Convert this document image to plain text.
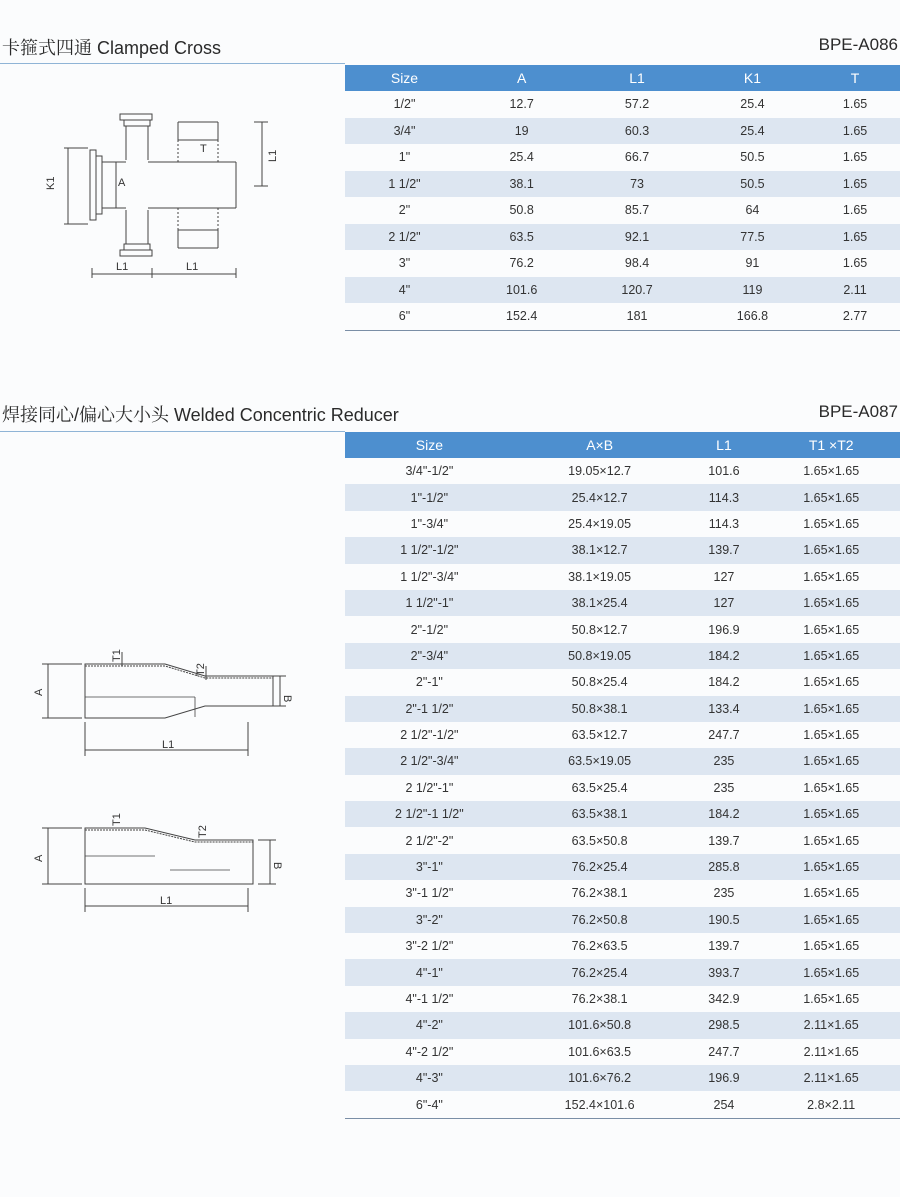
卡箍式四通 Clamped Cross	BPE-A086
K1	A
T
L1
L1	L1
Size	A	L1	K1	T
1/2"	12.7	57.2	25.4	1.65
3/4"	19	60.3	25.4	1.65
1"	25.4	66.7	50.5	1.65
1 1/2"	38.1	73	50.5	1.65
2"	50.8	85.7	64	1.65
2 1/2"	63.5	92.1	77.5	1.65
3"	76.2	98.4	91	1.65
4"	101.6	120.7	119	2.11
6"	152.4	181	166.8	2.77
焊接同心/偏心大小头 Welded Concentric Reducer	BPE-A087
A
B
T1
T2
L1
A
B
T1
T2
L1
Size	A×B	L1	T1 ×T2
3/4"-1/2"	19.05×12.7	101.6	1.65×1.65
1"-1/2"	25.4×12.7	114.3	1.65×1.65
1"-3/4"	25.4×19.05	114.3	1.65×1.65
1 1/2"-1/2"	38.1×12.7	139.7	1.65×1.65
1 1/2"-3/4"	38.1×19.05	127	1.65×1.65
1 1/2"-1"	38.1×25.4	127	1.65×1.65
2"-1/2"	50.8×12.7	196.9	1.65×1.65
2"-3/4"	50.8×19.05	184.2	1.65×1.65
2"-1"	50.8×25.4	184.2	1.65×1.65
2"-1 1/2"	50.8×38.1	133.4	1.65×1.65
2 1/2"-1/2"	63.5×12.7	247.7	1.65×1.65
2 1/2"-3/4"	63.5×19.05	235	1.65×1.65
2 1/2"-1"	63.5×25.4	235	1.65×1.65
2 1/2"-1 1/2"	63.5×38.1	184.2	1.65×1.65
2 1/2"-2"	63.5×50.8	139.7	1.65×1.65
3"-1"	76.2×25.4	285.8	1.65×1.65
3"-1 1/2"	76.2×38.1	235	1.65×1.65
3"-2"	76.2×50.8	190.5	1.65×1.65
3"-2 1/2"	76.2×63.5	139.7	1.65×1.65
4"-1"	76.2×25.4	393.7	1.65×1.65
4"-1 1/2"	76.2×38.1	342.9	1.65×1.65
4"-2"	101.6×50.8	298.5	2.11×1.65
4"-2 1/2"	101.6×63.5	247.7	2.11×1.65
4"-3"	101.6×76.2	196.9	2.11×1.65
6"-4"	152.4×101.6	254	2.8×2.11
